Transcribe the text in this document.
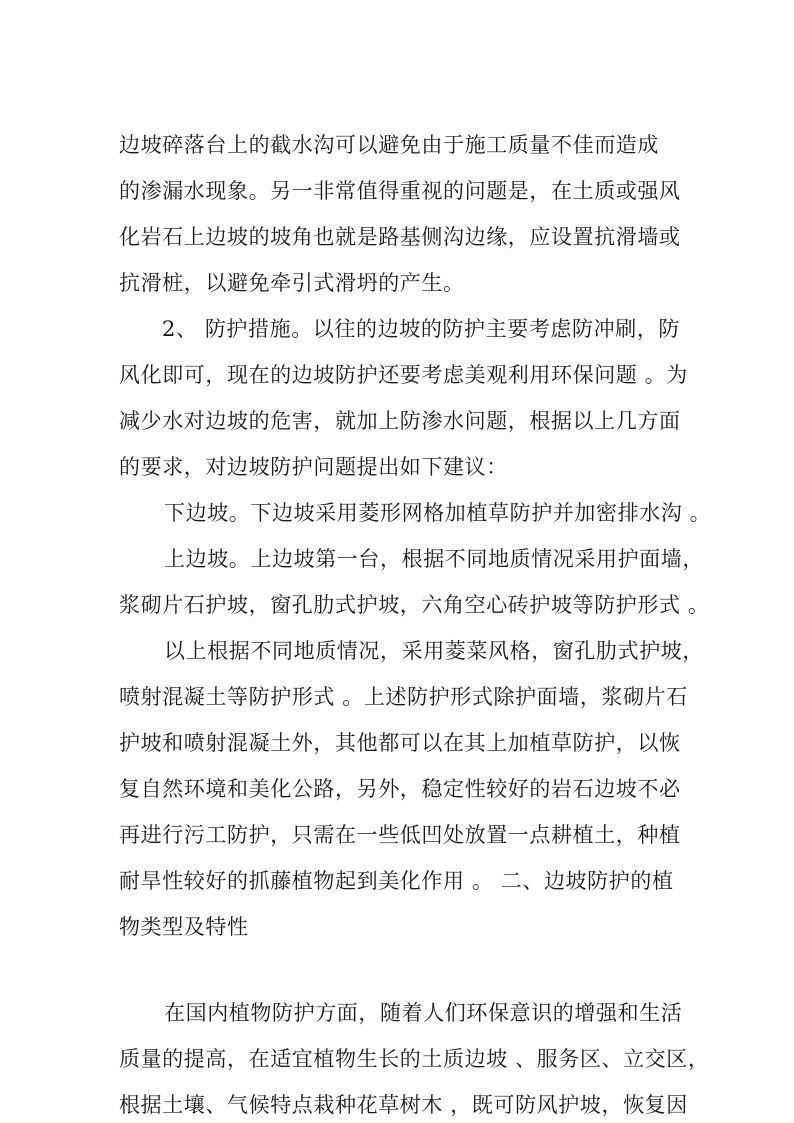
边坡碎落台上的截水沟可以避免由于施工质量不佳而造成
的渗漏水现象。另一非常值得重视的问题是，在土质或强风
化岩石上边坡的坡角也就是路基侧沟边缘，应设置抗滑墙或
抗滑桩，以避免牵引式滑坍的产生。
2、 防护措施。以往的边坡的防护主要考虑防冲刷，防
风化即可，现在的边坡防护还要考虑美观利用环保问题 。为
减少水对边坡的危害，就加上防渗水问题，根据以上几方面
的要求，对边坡防护问题提出如下建议：
下边坡。下边坡采用菱形网格加植草防护并加密排水沟 。
上边坡。上边坡第一台，根据不同地质情况采用护面墙，
浆砌片石护坡，窗孔肋式护坡，六角空心砖护坡等防护形式 。
以上根据不同地质情况，采用菱菜风格，窗孔肋式护坡，
喷射混凝土等防护形式 。上述防护形式除护面墙，浆砌片石
护坡和喷射混凝土外，其他都可以在其上加植草防护，以恢
复自然环境和美化公路，另外，稳定性较好的岩石边坡不必
再进行污工防护，只需在一些低凹处放置一点耕植土，种植
耐旱性较好的抓藤植物起到美化作用 。 二、边坡防护的植
物类型及特性
在国内植物防护方面，随着人们环保意识的增强和生活
质量的提高，在适宜植物生长的土质边坡 、服务区、立交区，
根据土壤、气候特点栽种花草树木 ，既可防风护坡，恢复因
